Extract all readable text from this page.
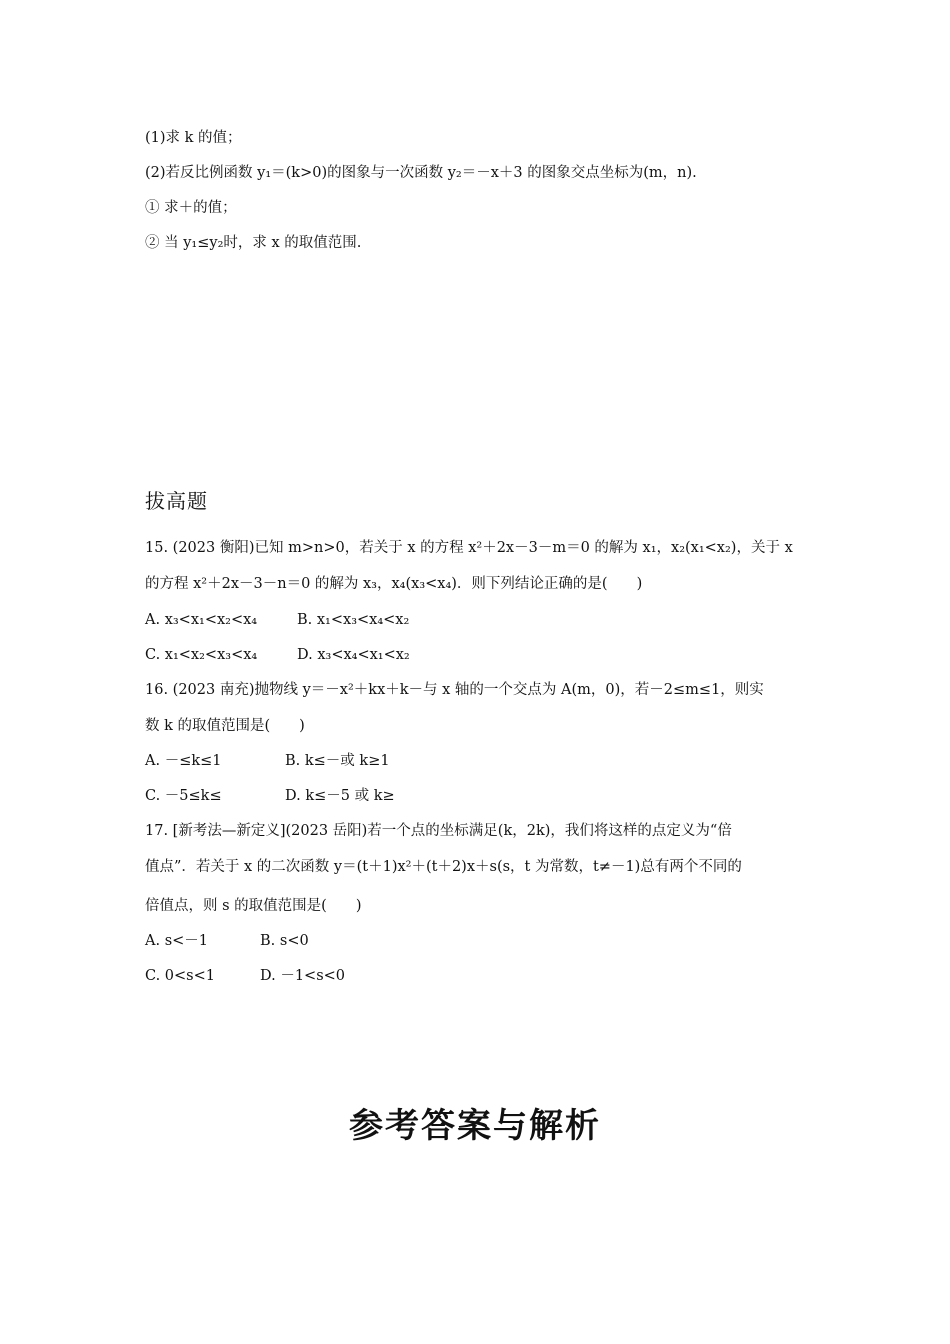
(1)求 k 的值；
(2)若反比例函数 y₁＝(k>0)的图象与一次函数 y₂＝－x＋3 的图象交点坐标为(m，n).
① 求＋的值；
② 当 y₁≤y₂时，求 x 的取值范围.
拔高题
15. (2023 衡阳)已知 m>n>0，若关于 x 的方程 x²＋2x－3－m＝0 的解为 x₁，x₂(x₁<x₂)，关于 x
的方程 x²＋2x－3－n＝0 的解为 x₃，x₄(x₃<x₄)．则下列结论正确的是(　　)
A. x₃<x₁<x₂<x₄	B. x₁<x₃<x₄<x₂
C. x₁<x₂<x₃<x₄	D. x₃<x₄<x₁<x₂
16. (2023 南充)抛物线 y＝－x²＋kx＋k－与 x 轴的一个交点为 A(m，0)，若－2≤m≤1，则实
数 k 的取值范围是(　　)
A. －≤k≤1	B. k≤－或 k≥1
C. －5≤k≤	D. k≤－5 或 k≥
17. [新考法—新定义](2023 岳阳)若一个点的坐标满足(k，2k)，我们将这样的点定义为“倍
值点”．若关于 x 的二次函数 y＝(t＋1)x²＋(t＋2)x＋s(s，t 为常数，t≠－1)总有两个不同的
倍值点，则 s 的取值范围是(　　)
A. s<－1	B. s<0
C. 0<s<1	D. －1<s<0
参考答案与解析
